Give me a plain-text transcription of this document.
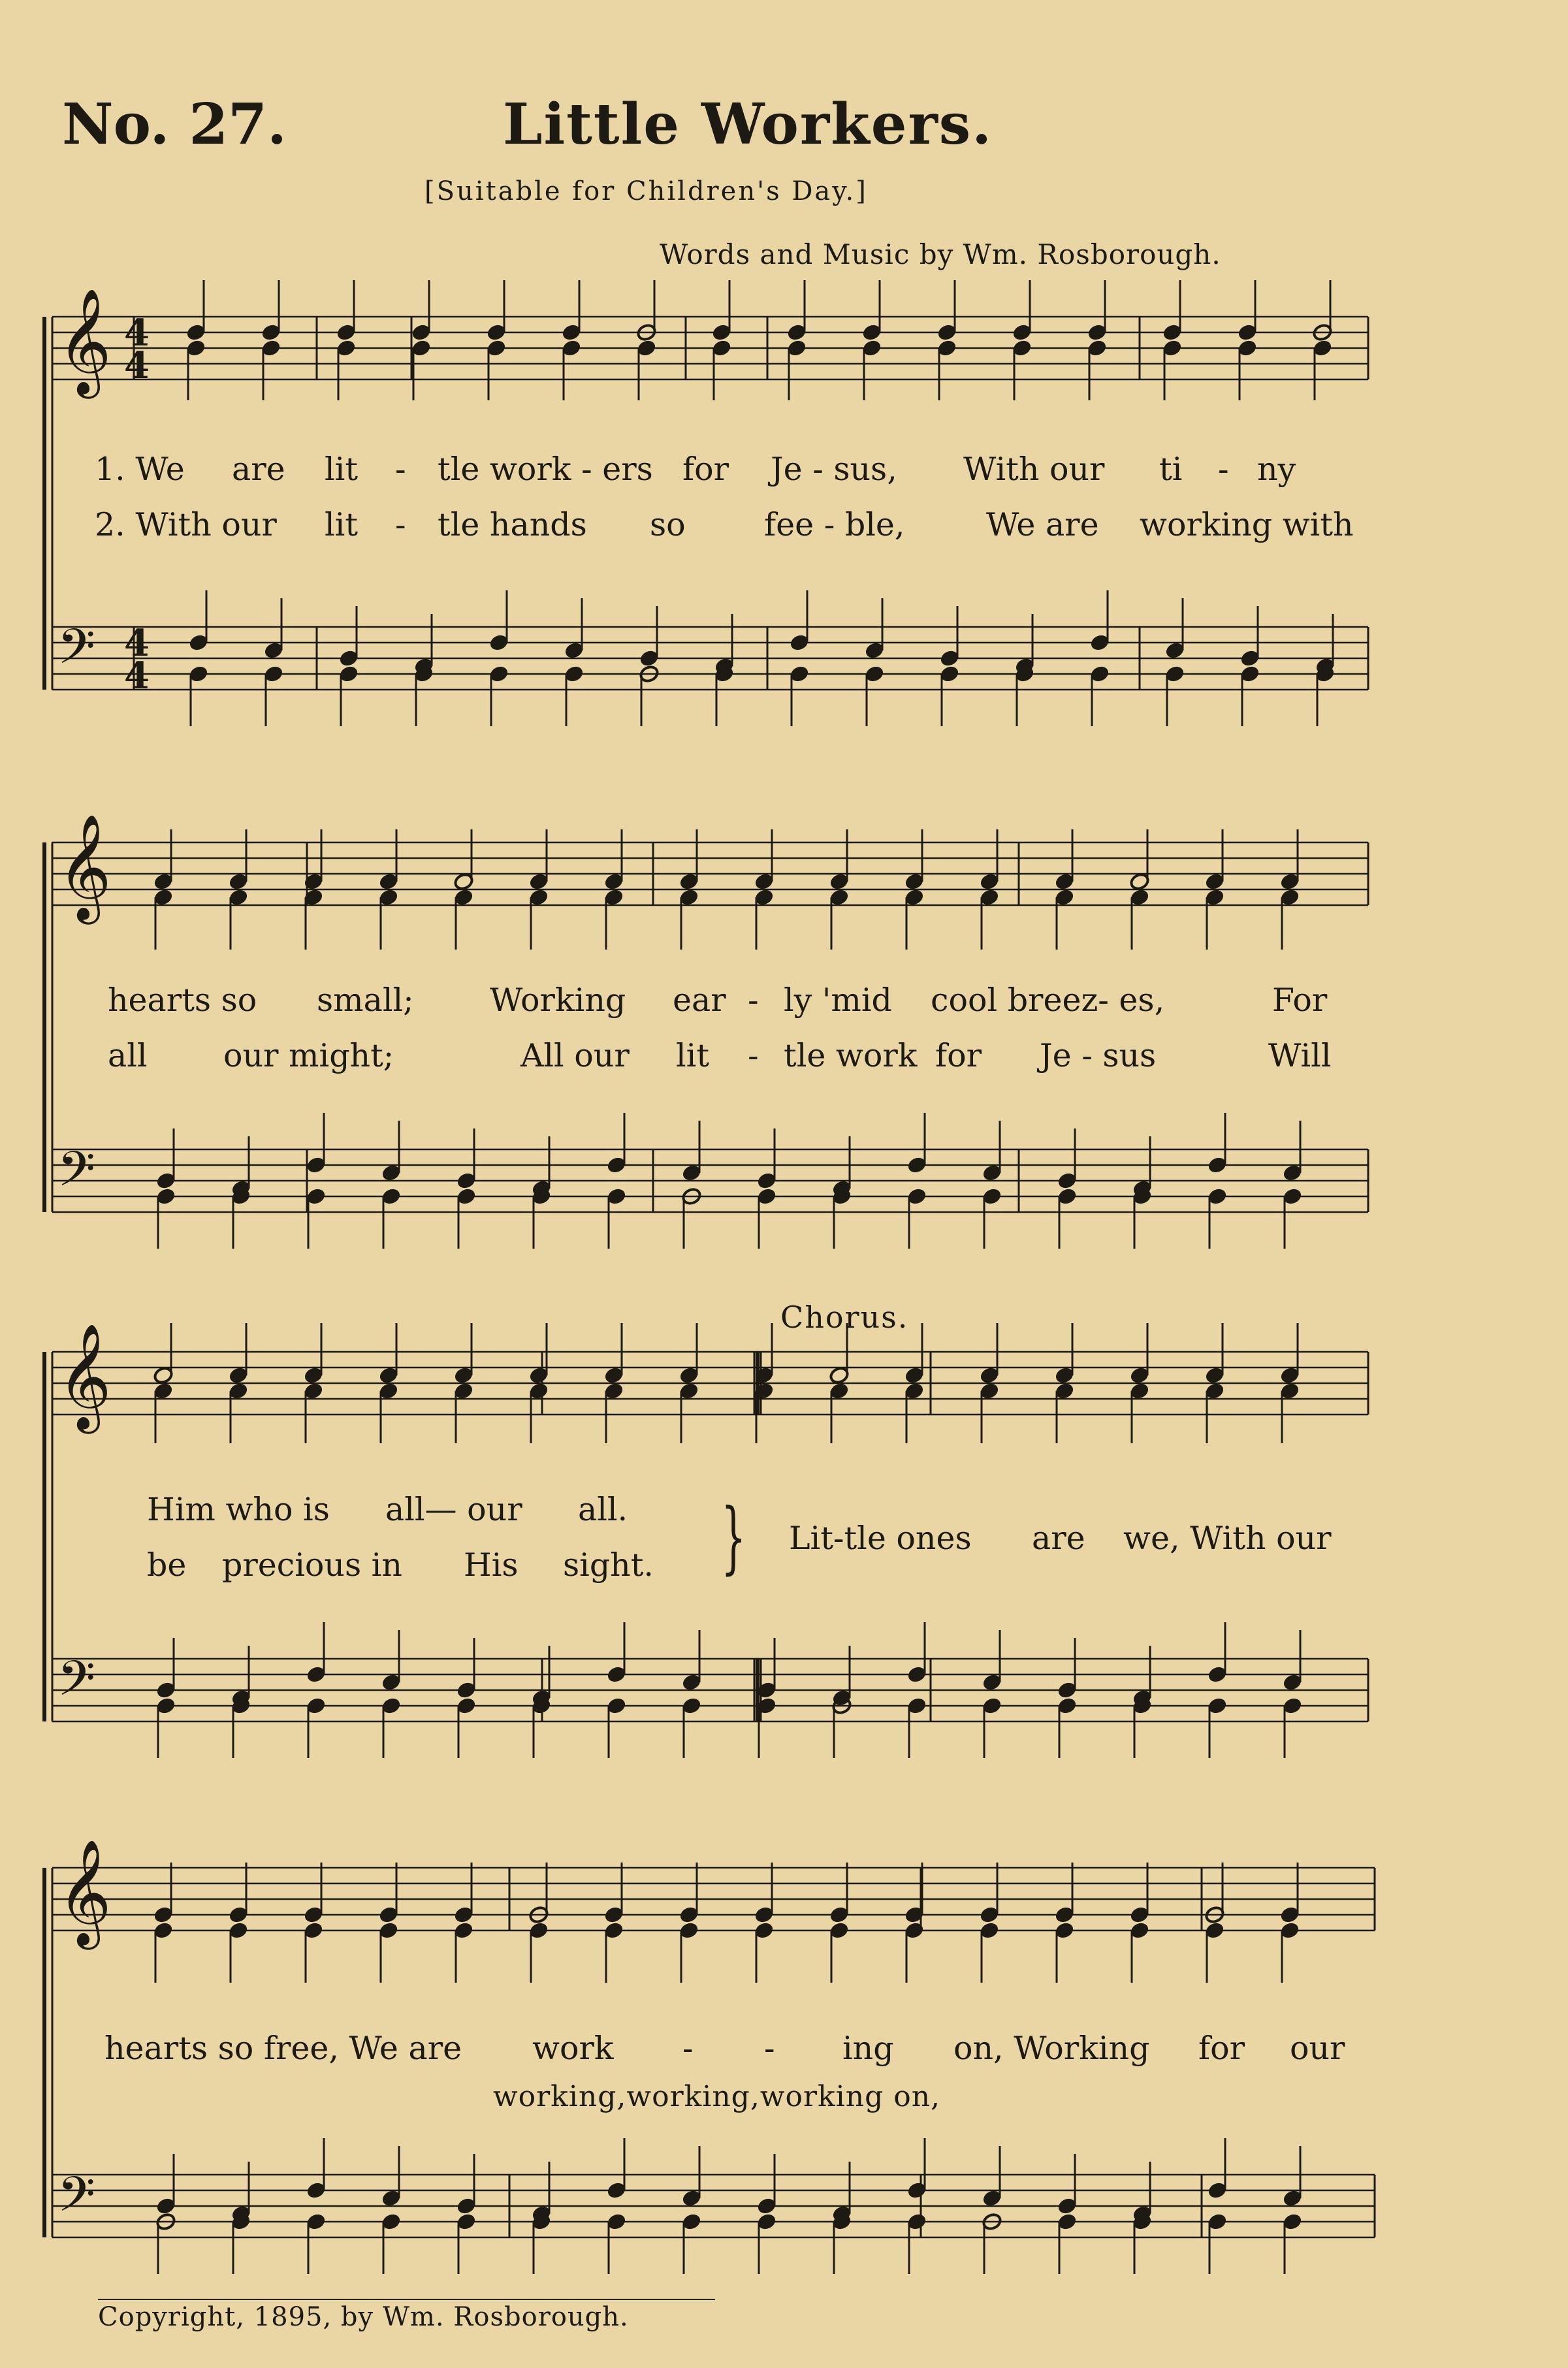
No. 27.	Little Workers.
[Suitable for Children's Day.]
Words and Music by Wm. Rosborough.
𝄞
𝄢
4
4
4
4
𝄞
𝄢
𝄞
𝄢
𝄞
𝄢
1. We are lit - tle work - ers for Je - sus, With our ti - ny
2. With our lit - tle hands so fee - ble,	We are working with
hearts so small; Working ear - ly 'mid cool breez- es,	For
all our might;	All our lit - tle work for Je - sus	Will
Chorus.
Him who is all— our all.
be precious in His sight. } Lit-tle ones are we, With our
hearts so free, We are work - - ing on, Working for our
working,working,working on,
Copyright, 1895, by Wm. Rosborough.
